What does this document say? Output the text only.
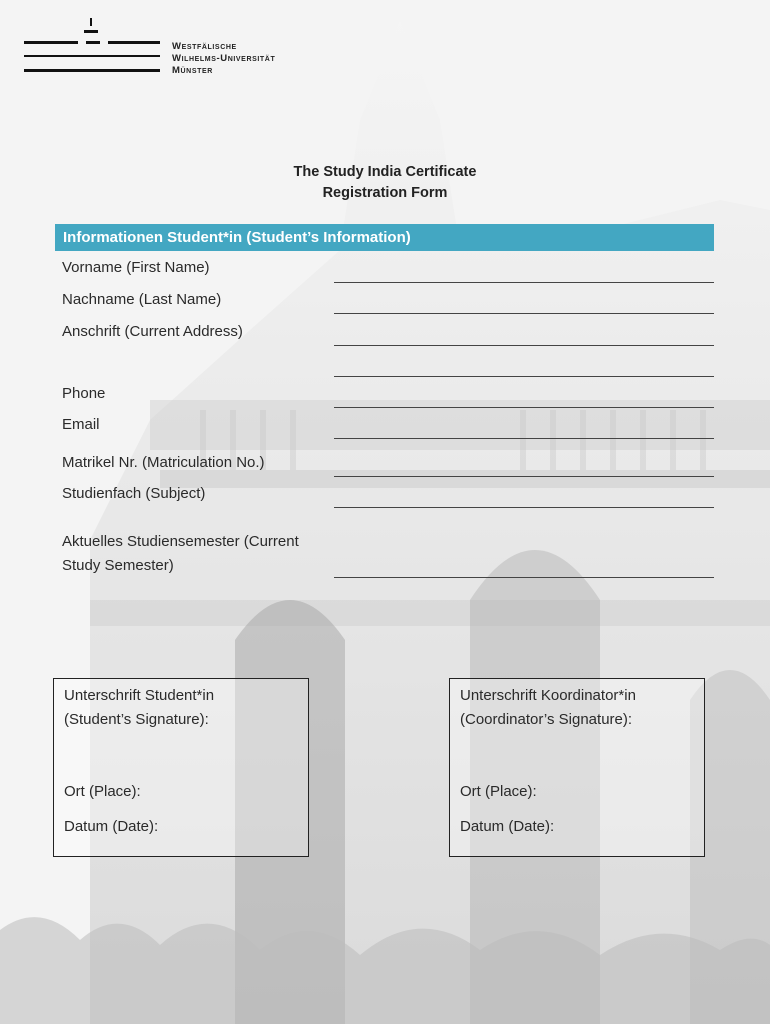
Westfälische
Wilhelms-Universität
Münster
The Study India Certificate
Registration Form
Informationen Student*in (Student’s Information)
Vorname (First Name)
Nachname (Last Name)
Anschrift (Current Address)
Phone
Email
Matrikel Nr. (Matriculation No.)
Studienfach (Subject)
Aktuelles Studiensemester (Current
Study Semester)
Unterschrift Student*in
(Student’s Signature):
Ort (Place):
Datum (Date):
Unterschrift Koordinator*in
(Coordinator’s Signature):
Ort (Place):
Datum (Date):
